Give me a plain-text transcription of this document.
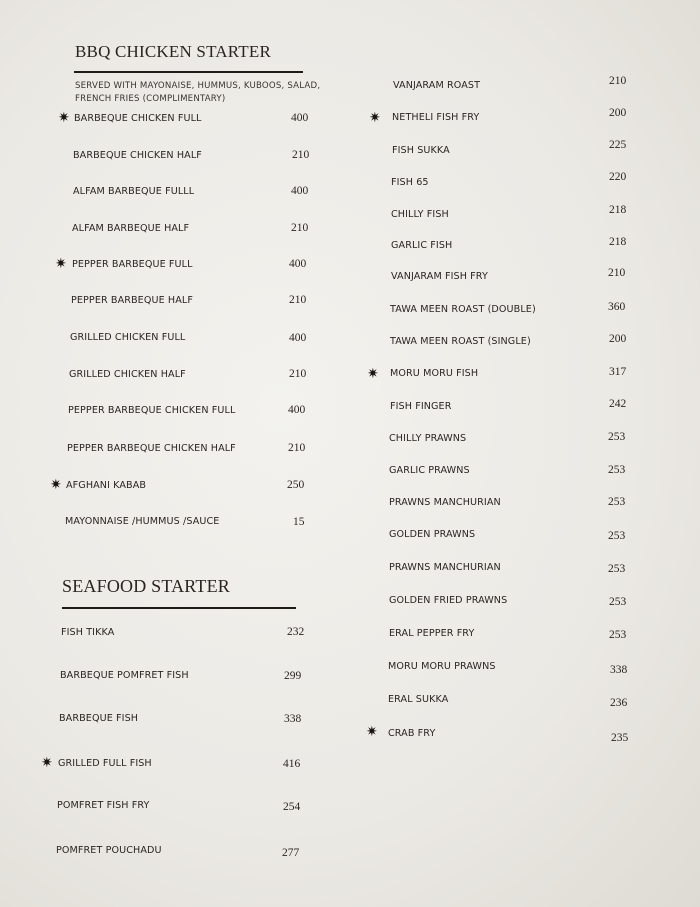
BBQ CHICKEN STARTER
SERVED WITH MAYONAISE, HUMMUS, KUBOOS, SALAD, FRENCH FRIES (COMPLIMENTARY)
SEAFOOD STARTER
BARBEQUE CHICKEN FULL	400
✷
BARBEQUE CHICKEN HALF	210
ALFAM BARBEQUE FULLL	400
ALFAM BARBEQUE HALF	210
PEPPER BARBEQUE FULL	400
✷
PEPPER BARBEQUE HALF	210
GRILLED CHICKEN FULL	400
GRILLED CHICKEN HALF	210
PEPPER BARBEQUE CHICKEN FULL	400
PEPPER BARBEQUE CHICKEN HALF	210
AFGHANI KABAB	250
✷
MAYONNAISE /HUMMUS /SAUCE	15
FISH TIKKA	232
BARBEQUE POMFRET FISH	299
BARBEQUE FISH	338
GRILLED FULL FISH	416
✷
POMFRET FISH FRY	254
POMFRET POUCHADU	277
VANJARAM ROAST	210
NETHELI FISH FRY	200
✷
FISH SUKKA	225
FISH 65	220
CHILLY FISH	218
GARLIC FISH	218
VANJARAM FISH FRY	210
TAWA MEEN ROAST (DOUBLE)	360
TAWA MEEN ROAST (SINGLE)	200
MORU MORU FISH	317
✷
FISH FINGER	242
CHILLY PRAWNS	253
GARLIC PRAWNS	253
PRAWNS MANCHURIAN	253
GOLDEN PRAWNS	253
PRAWNS MANCHURIAN	253
GOLDEN FRIED PRAWNS	253
ERAL PEPPER FRY	253
MORU MORU PRAWNS	338
ERAL SUKKA	236
CRAB FRY	235
✷
